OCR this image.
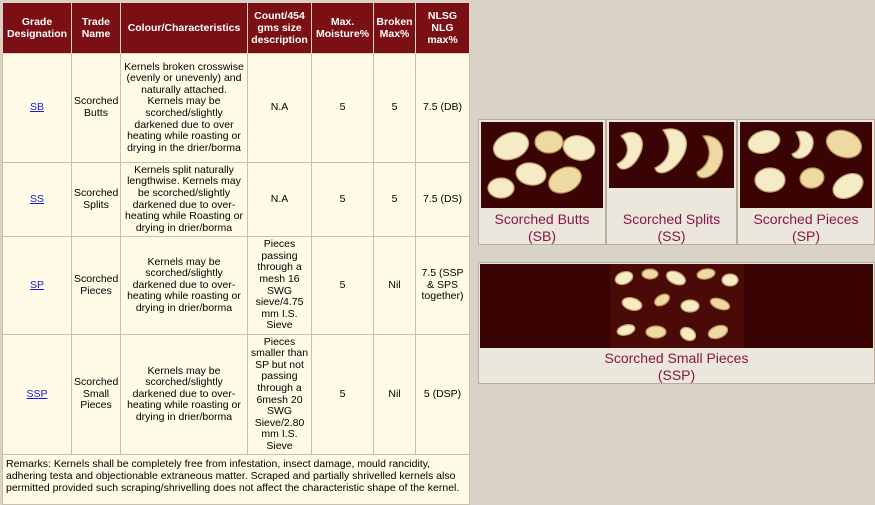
Grade Designation	Trade Name	Colour/Characteristics	Count/454 gms size description	Max. Moisture%	Broken Max%	NLSG NLG max%
SB	Scorched Butts	Kernels broken crosswise (evenly or unevenly) and naturally attached. Kernels may be scorched/slightly darkened due to over heating while roasting or drying in the drier/borma	N.A	5	5	7.5 (DB)
SS	Scorched Splits	Kernels split naturally lengthwise. Kernels may be scorched/slightly darkened due to over-heating while Roasting or drying in drier/borma	N.A	5	5	7.5 (DS)
SP	Scorched Pieces	Kernels may be scorched/slightly darkened due to over-heating while roasting or drying in drier/borma	Pieces passing through a mesh 16 SWG sieve/4.75 mm I.S. Sieve	5	Nil	7.5 (SSP & SPS together)
SSP	Scorched Small Pieces	Kernels may be scorched/slightly darkened due to over-heating while roasting or drying in drier/borma	Pieces smaller than SP but not passing through a 6mesh 20 SWG Sieve/2.80 mm I.S. Sieve	5	Nil	5 (DSP)
Remarks: Kernels shall be completely free from infestation, insect damage, mould rancidity, adhering testa and objectionable extraneous matter. Scraped and partially shrivelled kernels also permitted provided such scraping/shrivelling does not affect the characteristic shape of the kernel.						
Scorched Butts
(SB)
Scorched Splits
(SS)
Scorched Pieces
(SP)
Scorched Small Pieces
(SSP)
